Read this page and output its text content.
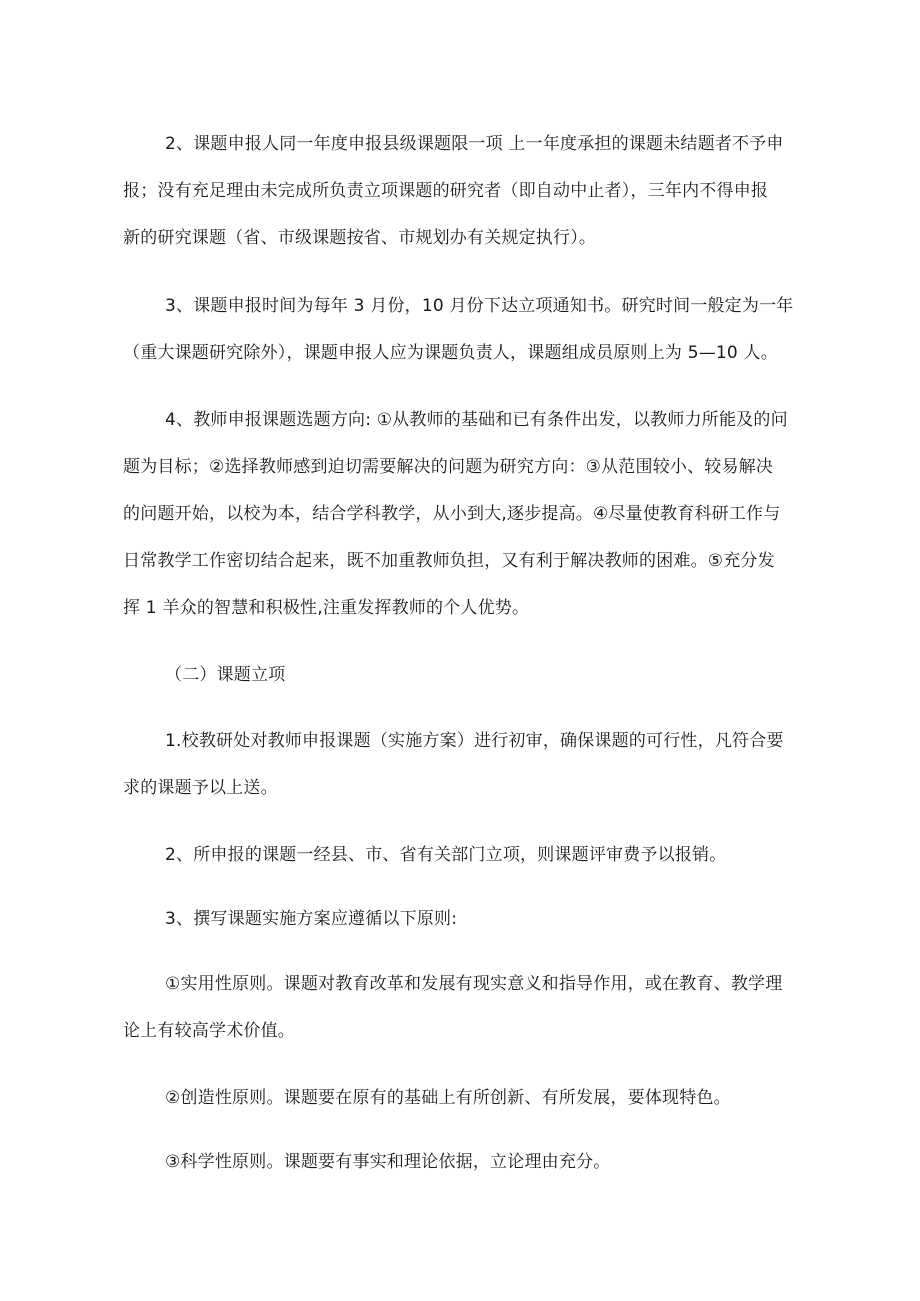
2、课题申报人同一年度申报县级课题限一项 上一年度承担的课题未结题者不予申
报；没有充足理由未完成所负责立项课题的研究者（即自动中止者），三年内不得申报
新的研究课题（省、市级课题按省、市规划办有关规定执行）。

3、课题申报时间为每年 3 月份，10 月份下达立项通知书。研究时间一般定为一年
（重大课题研究除外），课题申报人应为课题负责人，课题组成员原则上为 5—10 人。

4、教师申报课题选题方向: ①从教师的基础和已有条件出发，以教师力所能及的问
题为目标；②选择教师感到迫切需要解决的问题为研究方向：③从范围较小、较易解决
的问题开始，以校为本，结合学科教学，从小到大,逐步提高。④尽量使教育科研工作与
日常教学工作密切结合起来，既不加重教师负担，又有利于解决教师的困难。⑤充分发
挥 1 羊众的智慧和积极性,注重发挥教师的个人优势。

（二）课题立项

1.校教研处对教师申报课题（实施方案）进行初审，确保课题的可行性，凡符合要
求的课题予以上送。

2、所申报的课题一经县、市、省有关部门立项，则课题评审费予以报销。

3、撰写课题实施方案应遵循以下原则:

①实用性原则。课题对教育改革和发展有现实意义和指导作用，或在教育、教学理
论上有较高学术价值。

②创造性原则。课题要在原有的基础上有所创新、有所发展，要体现特色。

③科学性原则。课题要有事实和理论依据，立论理由充分。
